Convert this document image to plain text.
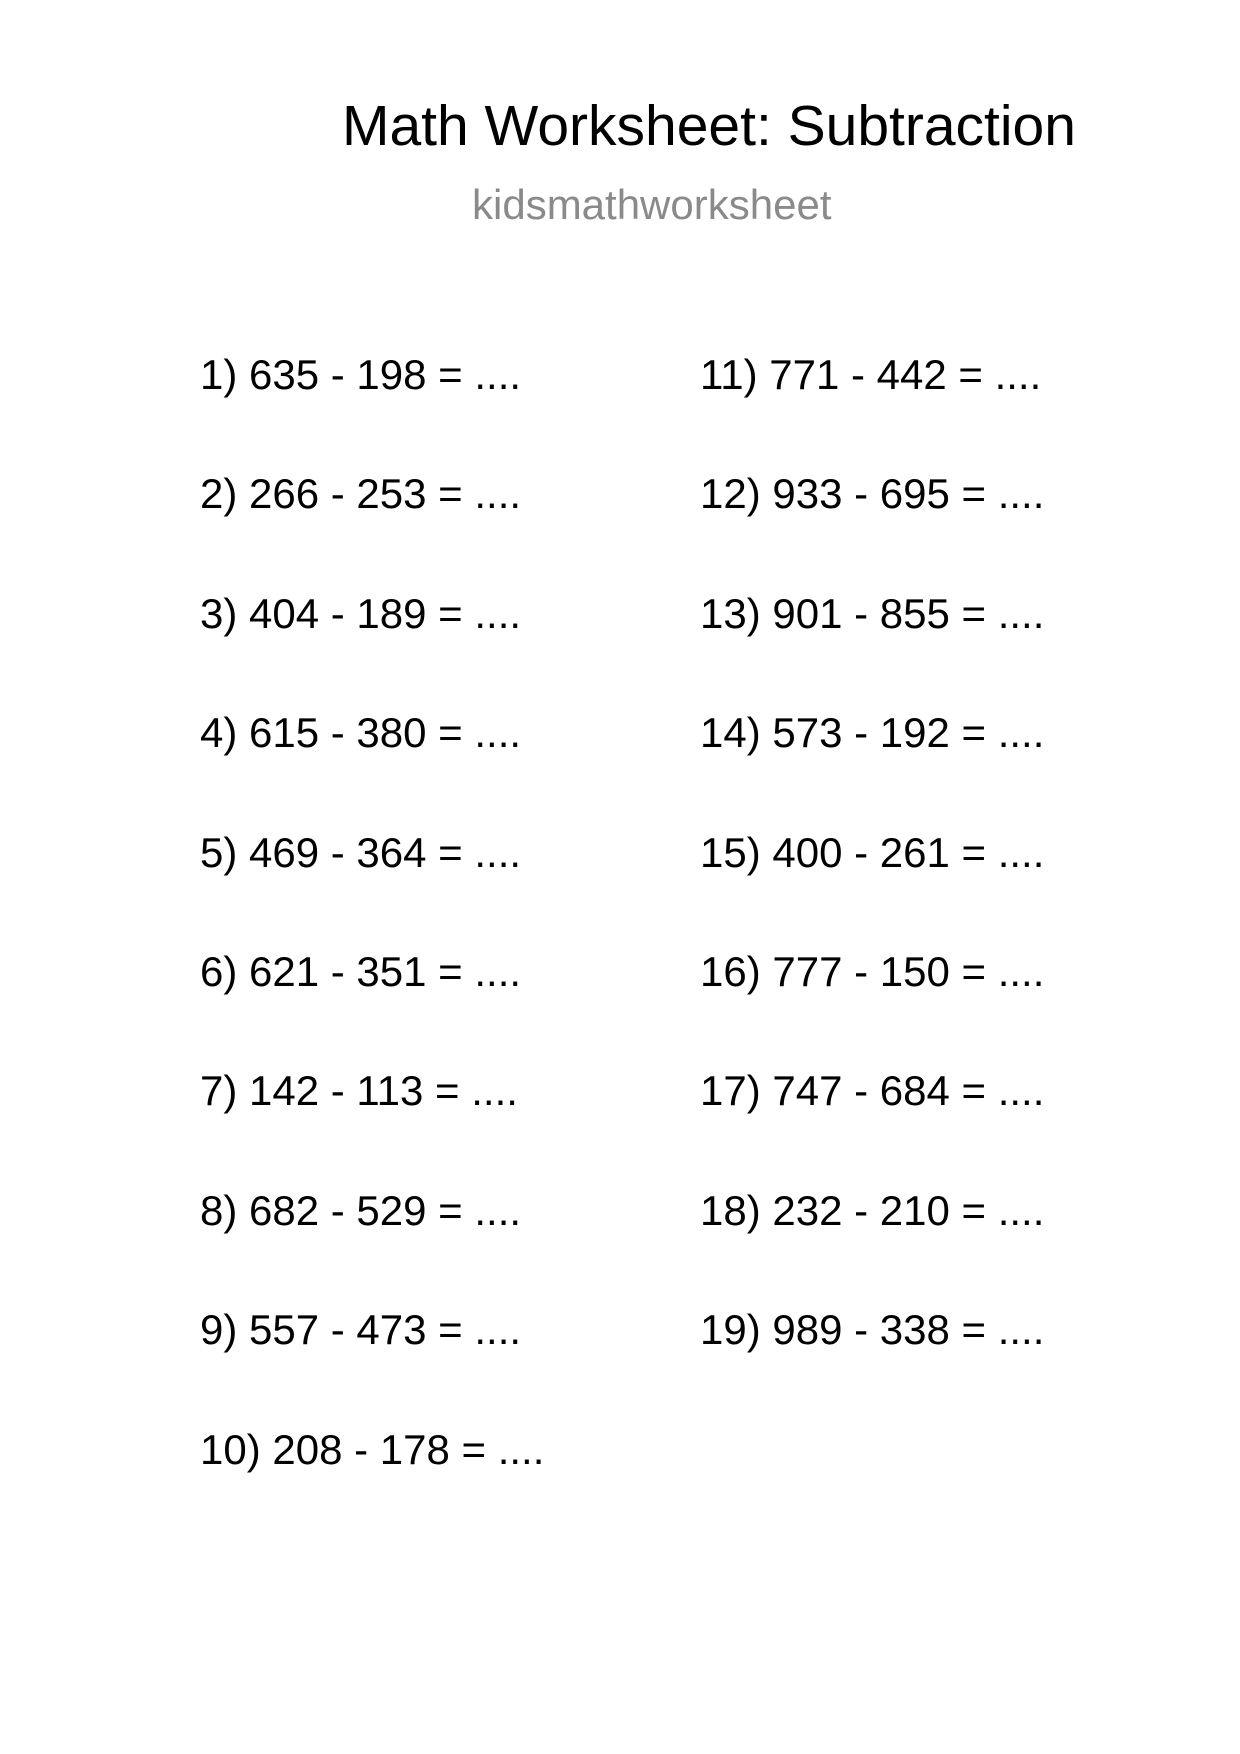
Math Worksheet: Subtraction
kidsmathworksheet
1) 635 - 198 = ....
2) 266 - 253 = ....
3) 404 - 189 = ....
4) 615 - 380 = ....
5) 469 - 364 = ....
6) 621 - 351 = ....
7) 142 - 113 = ....
8) 682 - 529 = ....
9) 557 - 473 = ....
10) 208 - 178 = ....
11) 771 - 442 = ....
12) 933 - 695 = ....
13) 901 - 855 = ....
14) 573 - 192 = ....
15) 400 - 261 = ....
16) 777 - 150 = ....
17) 747 - 684 = ....
18) 232 - 210 = ....
19) 989 - 338 = ....
